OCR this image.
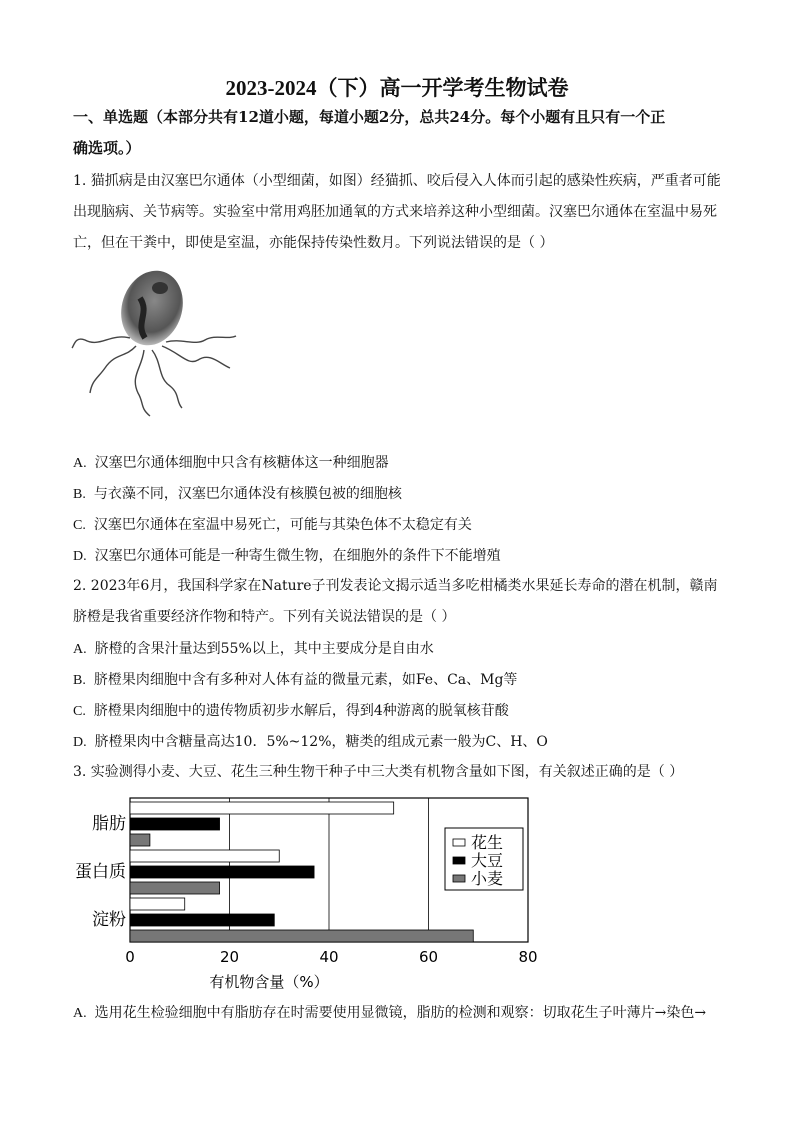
2023-2024（下）高一开学考生物试卷
一、单选题（本部分共有12道小题，每道小题2分，总共24分。每个小题有且只有一个正
确选项。）
1. 猫抓病是由汉塞巴尔通体（小型细菌，如图）经猫抓、咬后侵入人体而引起的感染性疾病，严重者可能
出现脑病、关节病等。实验室中常用鸡胚加通氧的方式来培养这种小型细菌。汉塞巴尔通体在室温中易死
亡，但在干粪中，即使是室温，亦能保持传染性数月。下列说法错误的是（ ）
A. 汉塞巴尔通体细胞中只含有核糖体这一种细胞器
B. 与衣藻不同，汉塞巴尔通体没有核膜包被的细胞核
C. 汉塞巴尔通体在室温中易死亡，可能与其染色体不太稳定有关
D. 汉塞巴尔通体可能是一种寄生微生物，在细胞外的条件下不能增殖
2. 2023年6月，我国科学家在Nature子刊发表论文揭示适当多吃柑橘类水果延长寿命的潜在机制，赣南
脐橙是我省重要经济作物和特产。下列有关说法错误的是（ ）
A. 脐橙的含果汁量达到55%以上，其中主要成分是自由水
B. 脐橙果肉细胞中含有多种对人体有益的微量元素，如Fe、Ca、Mg等
C. 脐橙果肉细胞中的遗传物质初步水解后，得到4种游离的脱氧核苷酸
D. 脐橙果肉中含糖量高达10．5%~12%，糖类的组成元素一般为C、H、O
3. 实验测得小麦、大豆、花生三种生物干种子中三大类有机物含量如下图，有关叙述正确的是（ ）
0	20	40	60	80
脂肪
蛋白质
淀粉
有机物含量（%）
花生
大豆
小麦
A. 选用花生检验细胞中有脂肪存在时需要使用显微镜，脂肪的检测和观察：切取花生子叶薄片→染色→
